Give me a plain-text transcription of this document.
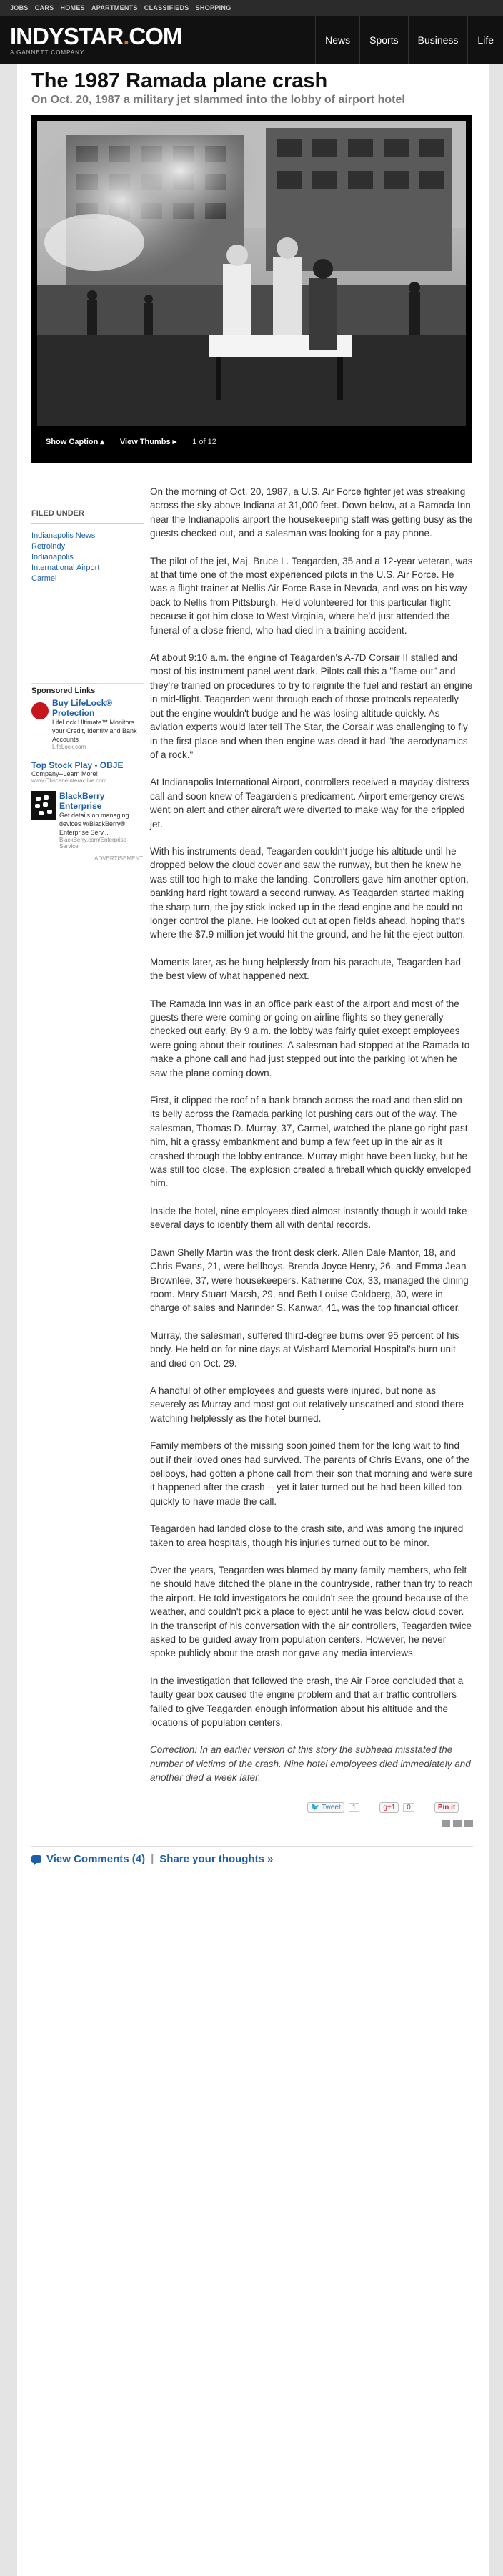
JOBS CARS HOMES APARTMENTS CLASSIFIEDS SHOPPING
INDYSTAR.COM
A GANNETT COMPANY
News	Sports	Business	Life
The 1987 Ramada plane crash
On Oct. 20, 1987 a military jet slammed into the lobby of airport hotel
Show Caption ▴ View Thumbs ▸ 1 of 12
FILED UNDER
Indianapolis News
Retroindy
Indianapolis
International Airport
Carmel
Sponsored Links
Buy LifeLock® Protection
LifeLock Ultimate™ Monitors your Credit, Identity and Bank Accounts
LifeLock.com
Top Stock Play - OBJE
Company--Learn More!
www.ObsceneInteractive.com
BlackBerry Enterprise
Get details on managing devices w/BlackBerry® Enterprise Serv...
BlackBerry.com/Enterprise-Service
ADVERTISEMENT

On the morning of Oct. 20, 1987, a U.S. Air Force fighter jet was streaking across the sky above Indiana at 31,000 feet. Down below, at a Ramada Inn near the Indianapolis airport the housekeeping staff was getting busy as the guests checked out, and a salesman was looking for a pay phone.

The pilot of the jet, Maj. Bruce L. Teagarden, 35 and a 12-year veteran, was at that time one of the most experienced pilots in the U.S. Air Force. He was a flight trainer at Nellis Air Force Base in Nevada, and was on his way back to Nellis from Pittsburgh. He'd volunteered for this particular flight because it got him close to West Virginia, where he'd just attended the funeral of a close friend, who had died in a training accident.

At about 9:10 a.m. the engine of Teagarden's A-7D Corsair II stalled and most of his instrument panel went dark. Pilots call this a "flame-out" and they're trained on procedures to try to reignite the fuel and restart an engine in mid-flight. Teagarden went through each of those protocols repeatedly but the engine wouldn't budge and he was losing altitude quickly. As aviation experts would later tell The Star, the Corsair was challenging to fly in the first place and when then engine was dead it had "the aerodynamics of a rock."

At Indianapolis International Airport, controllers received a mayday distress call and soon knew of Teagarden's predicament. Airport emergency crews went on alert and other aircraft were diverted to make way for the crippled jet.

With his instruments dead, Teagarden couldn't judge his altitude until he dropped below the cloud cover and saw the runway, but then he knew he was still too high to make the landing. Controllers gave him another option, banking hard right toward a second runway. As Teagarden started making the sharp turn, the joy stick locked up in the dead engine and he could no longer control the plane. He looked out at open fields ahead, hoping that's where the $7.9 million jet would hit the ground, and he hit the eject button.

Moments later, as he hung helplessly from his parachute, Teagarden had the best view of what happened next.

The Ramada Inn was in an office park east of the airport and most of the guests there were coming or going on airline flights so they generally checked out early. By 9 a.m. the lobby was fairly quiet except employees were going about their routines. A salesman had stopped at the Ramada to make a phone call and had just stepped out into the parking lot when he saw the plane coming down.

First, it clipped the roof of a bank branch across the road and then slid on its belly across the Ramada parking lot pushing cars out of the way. The salesman, Thomas D. Murray, 37, Carmel, watched the plane go right past him, hit a grassy embankment and bump a few feet up in the air as it crashed through the lobby entrance. Murray might have been lucky, but he was still too close. The explosion created a fireball which quickly enveloped him.

Inside the hotel, nine employees died almost instantly though it would take several days to identify them all with dental records.

Dawn Shelly Martin was the front desk clerk. Allen Dale Mantor, 18, and Chris Evans, 21, were bellboys. Brenda Joyce Henry, 26, and Emma Jean Brownlee, 37, were housekeepers. Katherine Cox, 33, managed the dining room. Mary Stuart Marsh, 29, and Beth Louise Goldberg, 30, were in charge of sales and Narinder S. Kanwar, 41, was the top financial officer.

Murray, the salesman, suffered third-degree burns over 95 percent of his body. He held on for nine days at Wishard Memorial Hospital's burn unit and died on Oct. 29.

A handful of other employees and guests were injured, but none as severely as Murray and most got out relatively unscathed and stood there watching helplessly as the hotel burned.

Family members of the missing soon joined them for the long wait to find out if their loved ones had survived. The parents of Chris Evans, one of the bellboys, had gotten a phone call from their son that morning and were sure it happened after the crash -- yet it later turned out he had been killed too quickly to have made the call.

Teagarden had landed close to the crash site, and was among the injured taken to area hospitals, though his injuries turned out to be minor.

Over the years, Teagarden was blamed by many family members, who felt he should have ditched the plane in the countryside, rather than try to reach the airport. He told investigators he couldn't see the ground because of the weather, and couldn't pick a place to eject until he was below cloud cover. In the transcript of his conversation with the air controllers, Teagarden twice asked to be guided away from population centers. However, he never spoke publicly about the crash nor gave any media interviews.

In the investigation that followed the crash, the Air Force concluded that a faulty gear box caused the engine problem and that air traffic controllers failed to give Teagarden enough information about his altitude and the locations of population centers.

Correction: In an earlier version of this story the subhead misstated the number of victims of the crash. Nine hotel employees died immediately and another died a week later.

🐦 Tweet	1	g+1	0	Pin it
View Comments (4) | Share your thoughts »
